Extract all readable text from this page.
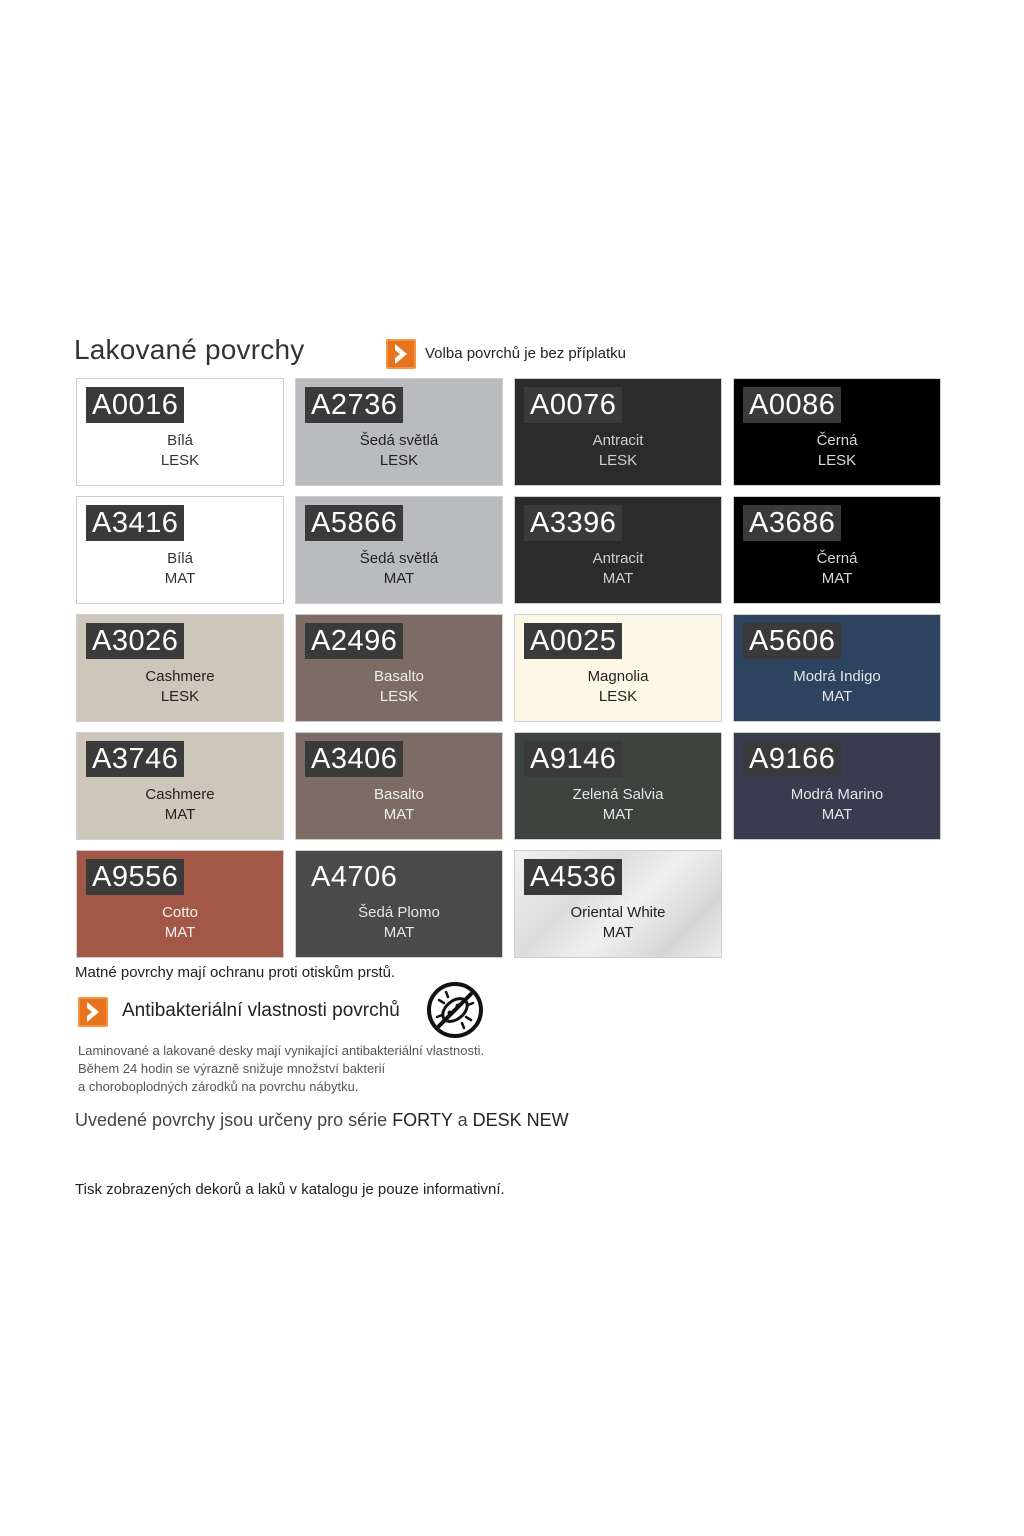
Lakované povrchy	Volba povrchů je bez příplatku
A0016
Bílá
LESK
A2736
Šedá světlá
LESK
A0076
Antracit
LESK
A0086
Černá
LESK
A3416
Bílá
MAT
A5866
Šedá světlá
MAT
A3396
Antracit
MAT
A3686
Černá
MAT
A3026
Cashmere
LESK
A2496
Basalto
LESK
A0025
Magnolia
LESK
A5606
Modrá Indigo
MAT
A3746
Cashmere
MAT
A3406
Basalto
MAT
A9146
Zelená Salvia
MAT
A9166
Modrá Marino
MAT
A9556
Cotto
MAT
A4706
Šedá Plomo
MAT
A4536
Oriental White
MAT
Matné povrchy mají ochranu proti otiskům prstů.
Antibakteriální vlastnosti povrchů
Laminované a lakované desky mají vynikající antibakteriální vlastnosti.
Během 24 hodin se výrazně snižuje množství bakterií
a choroboplodných zárodků na povrchu nábytku.
Uvedené povrchy jsou určeny pro série FORTY a DESK NEW
Tisk zobrazených dekorů a laků v katalogu je pouze informativní.
